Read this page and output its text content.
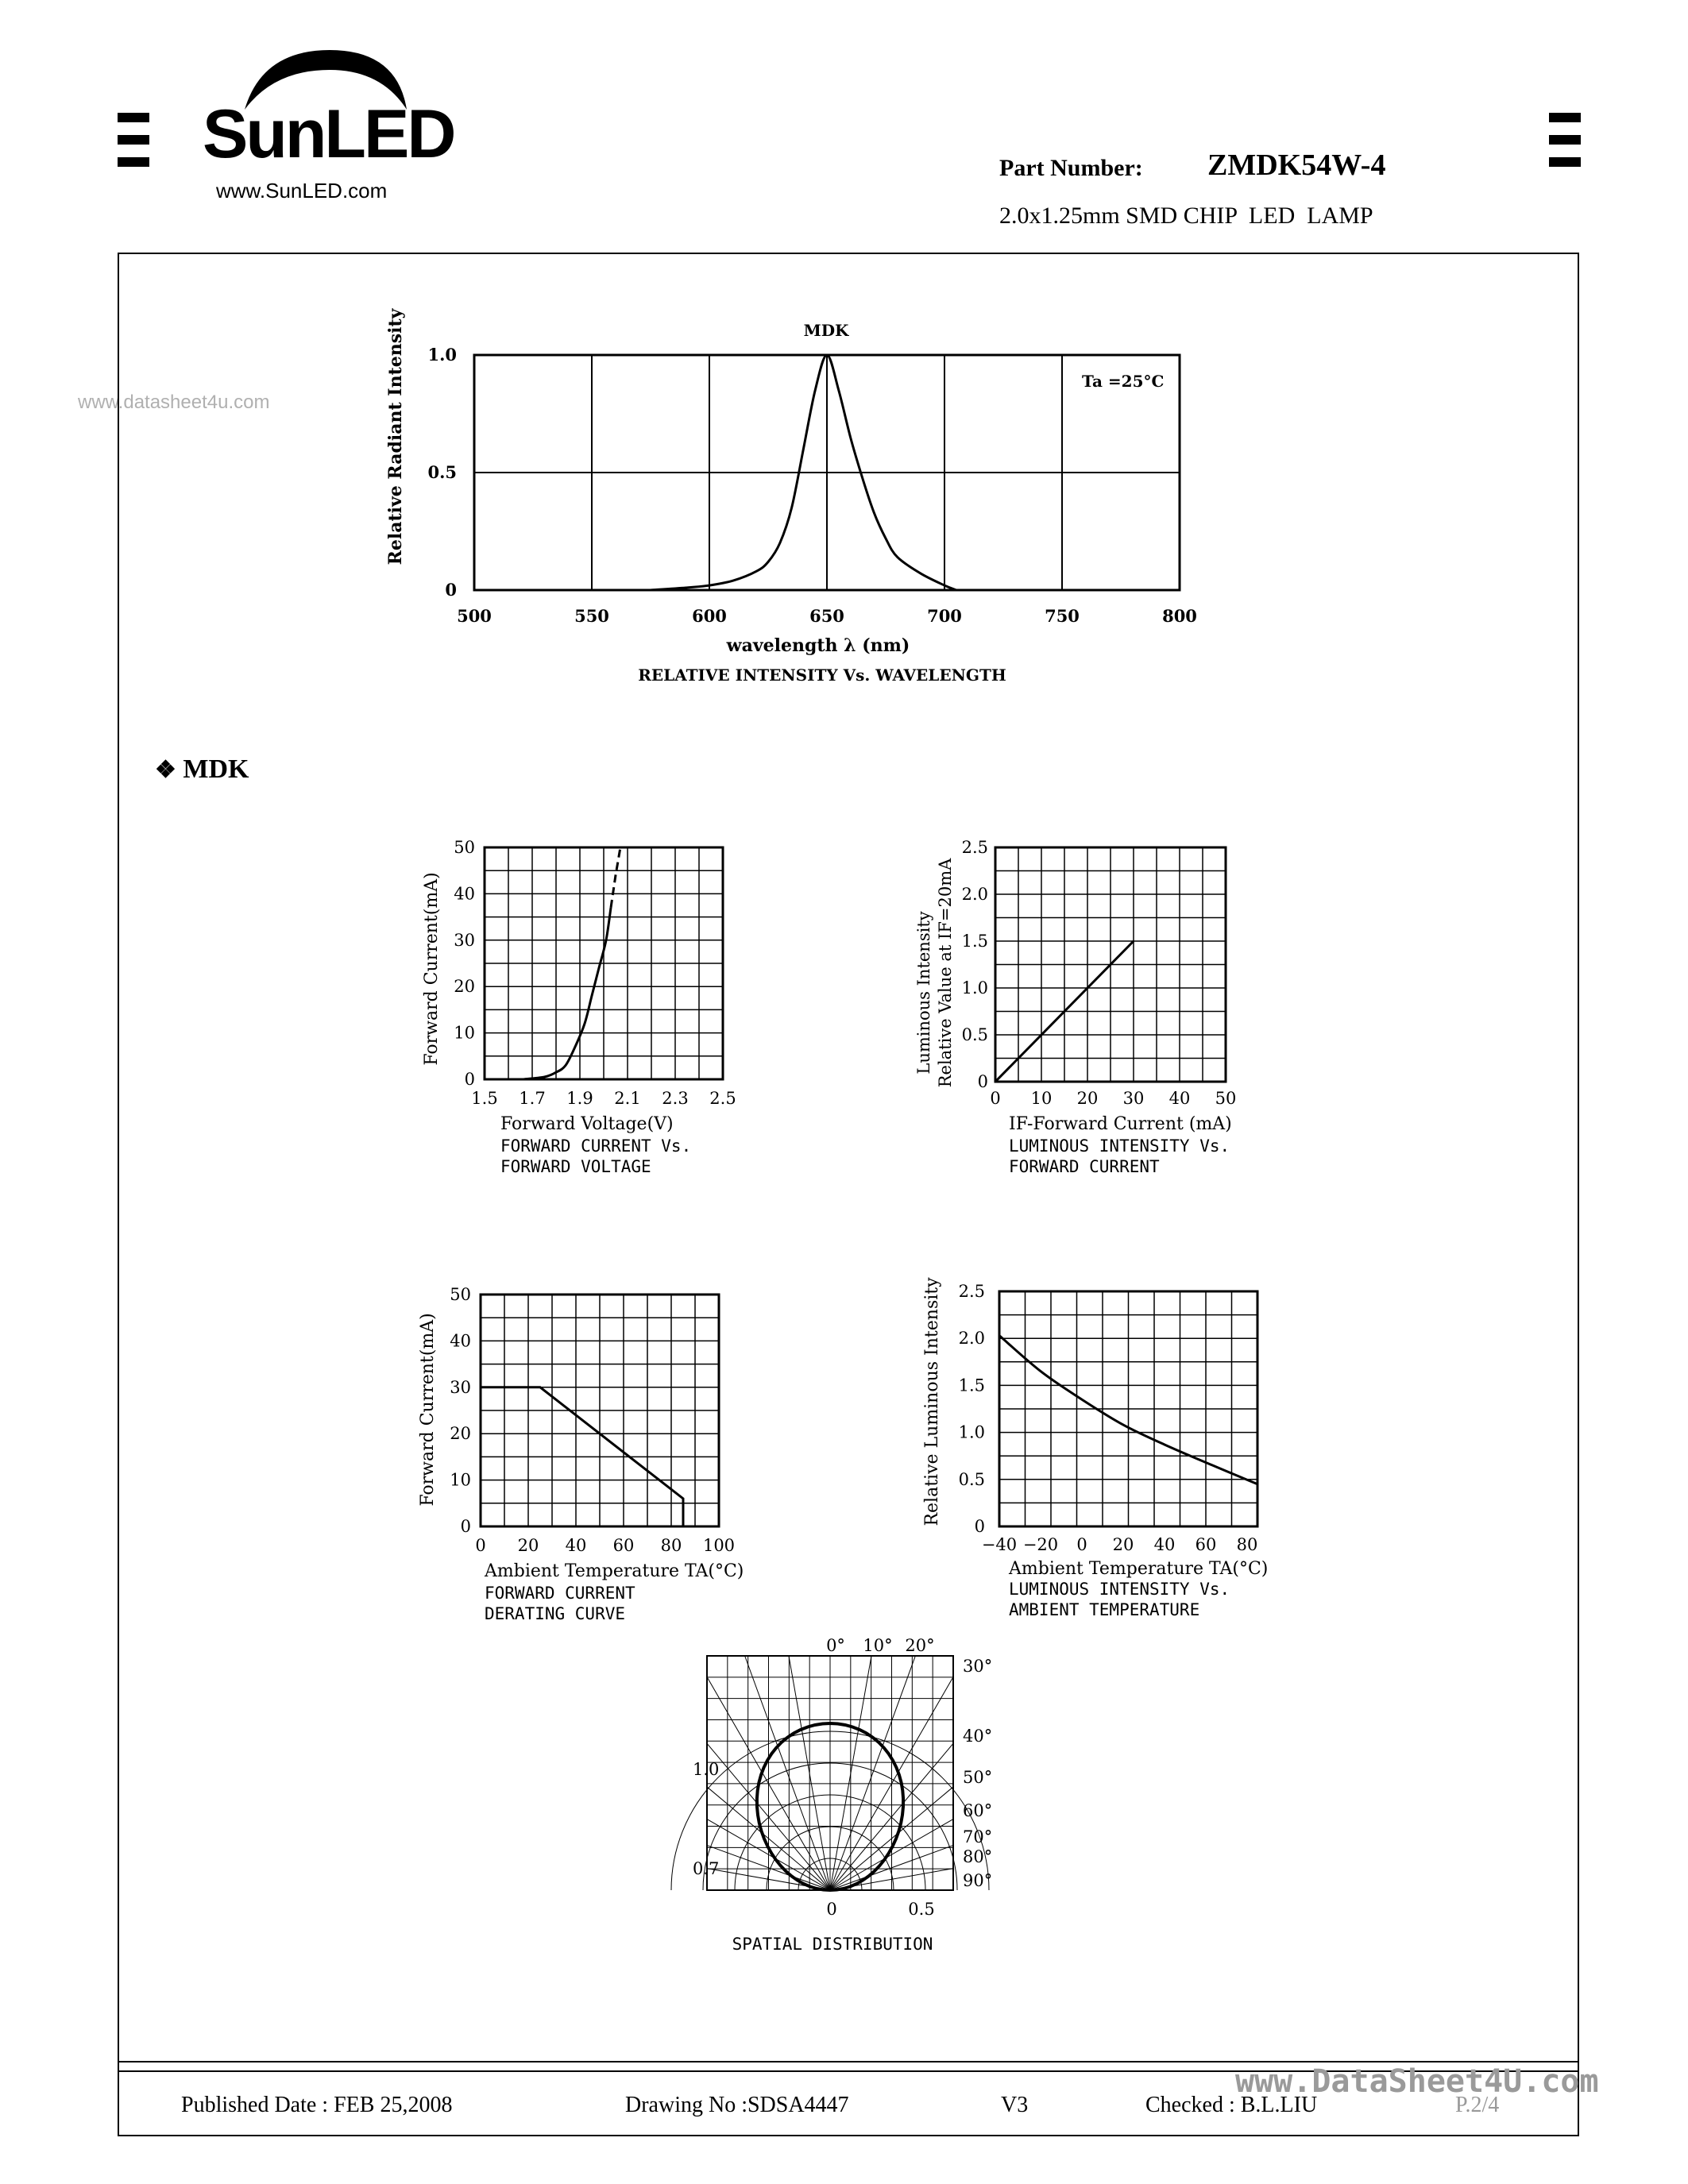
SunLED
www.SunLED.com
Part Number: ZMDK54W-4
2.0x1.25mm SMD CHIP  LED  LAMP
www.datasheet4u.com
500	550	600	650	700	750	800
0
0.5
1.0
MDK
Ta =25°C
Relative Radiant Intensity
wavelength λ (nm)
RELATIVE INTENSITY Vs. WAVELENGTH
❖ MDK
1.5 1.7 1.9 2.1 2.3 2.5
0
10
20
30
40
50
Forward Current(mA)
Forward Voltage(V)
FORWARD CURRENT Vs.
FORWARD VOLTAGE
0 10 20 30 40 50
0
0.5
1.0
1.5
2.0
2.5
Luminous Intensity Relative Value at IF=20mA
IF-Forward Current (mA)
LUMINOUS INTENSITY Vs.
FORWARD CURRENT
0 20 40 60 80 100
0
10
20
30
40
50
Forward Current(mA)
Ambient Temperature TA(°C)
FORWARD CURRENT
DERATING CURVE
−40 −20 0 20 40 60 80
0
0.5
1.0
1.5
2.0
2.5
Relative Luminous Intensity
Ambient Temperature TA(°C)
LUMINOUS INTENSITY Vs.
AMBIENT TEMPERATURE
0° 10° 20°
30°
40°
50°
60°
70°
80°
90°
1.0
0.7
0	0.5
SPATIAL DISTRIBUTION
Published Date : FEB 25,2008	Drawing No :SDSA4447	V3	Checked : B.L.LIU	P.2/4
www.DataSheet4U.com
